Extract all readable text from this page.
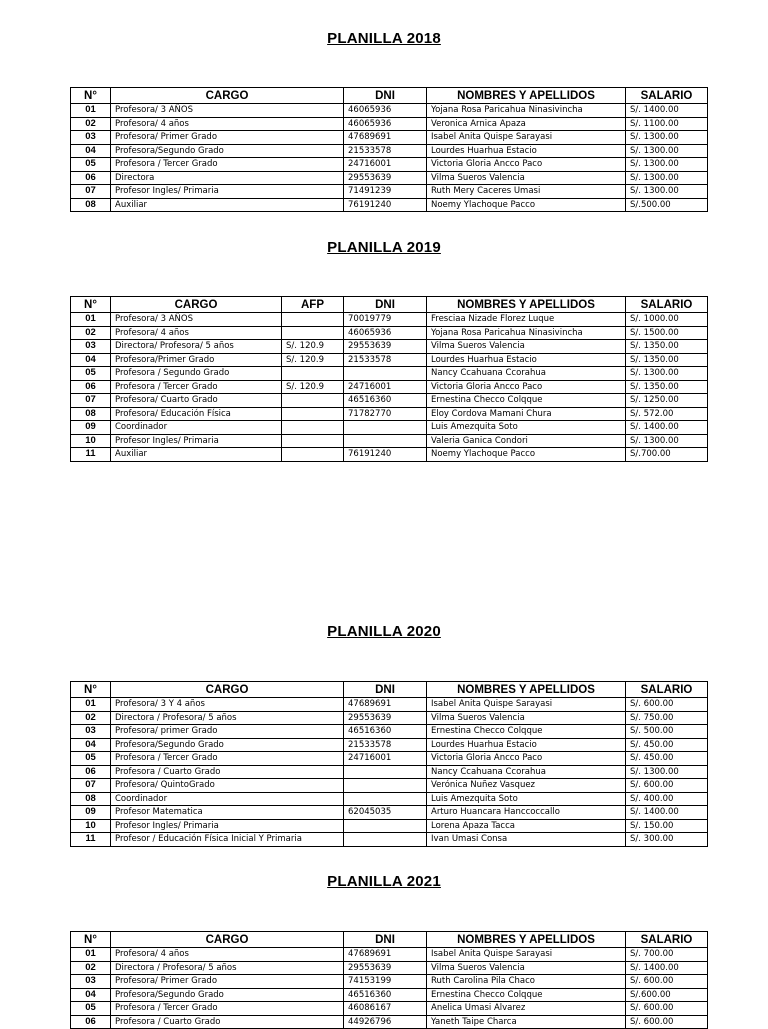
PLANILLA 2018
N°	CARGO	DNI	NOMBRES Y APELLIDOS	SALARIO
01	Profesora/ 3 AÑOS	46065936	Yojana Rosa Paricahua Ninasivincha	S/. 1400.00
02	Profesora/ 4 años	46065936	Veronica Arnica Apaza	S/. 1100.00
03	Profesora/ Primer Grado	47689691	Isabel Anita Quispe Sarayasi	S/. 1300.00
04	Profesora/Segundo Grado	21533578	Lourdes Huarhua Estacio	S/. 1300.00
05	Profesora / Tercer Grado	24716001	Victoria Gloria Ancco Paco	S/. 1300.00
06	Directora	29553639	Vilma Sueros Valencia	S/. 1300.00
07	Profesor Ingles/ Primaria	71491239	Ruth Mery Caceres Umasi	S/. 1300.00
08	Auxiliar	76191240	Noemy Ylachoque Pacco	S/.500.00
PLANILLA 2019
N°	CARGO	AFP	DNI	NOMBRES Y APELLIDOS	SALARIO
01	Profesora/ 3 AÑOS		70019779	Fresciaa Nizade Florez Luque	S/. 1000.00
02	Profesora/ 4 años		46065936	Yojana Rosa Paricahua Ninasivincha	S/. 1500.00
03	Directora/ Profesora/ 5 años	S/. 120.9	29553639	Vilma Sueros Valencia	S/. 1350.00
04	Profesora/Primer Grado	S/. 120.9	21533578	Lourdes Huarhua Estacio	S/. 1350.00
05	Profesora / Segundo Grado			Nancy Ccahuana Ccorahua	S/. 1300.00
06	Profesora / Tercer Grado	S/. 120.9	24716001	Victoria Gloria Ancco Paco	S/. 1350.00
07	Profesora/ Cuarto Grado		46516360	Ernestina Checco Colqque	S/. 1250.00
08	Profesora/ Educación Física		71782770	Eloy Cordova Mamani Chura	S/. 572.00
09	Coordinador			Luis Amezquita Soto	S/. 1400.00
10	Profesor Ingles/ Primaria			Valeria Ganica Condori	S/. 1300.00
11	Auxiliar		76191240	Noemy Ylachoque Pacco	S/.700.00
PLANILLA 2020
N°	CARGO	DNI	NOMBRES Y APELLIDOS	SALARIO
01	Profesora/ 3 Y 4 años	47689691	Isabel Anita Quispe Sarayasi	S/. 600.00
02	Directora / Profesora/ 5 años	29553639	Vilma Sueros Valencia	S/. 750.00
03	Profesora/ primer Grado	46516360	Ernestina Checco Colqque	S/. 500.00
04	Profesora/Segundo Grado	21533578	Lourdes Huarhua Estacio	S/. 450.00
05	Profesora / Tercer Grado	24716001	Victoria Gloria Ancco Paco	S/. 450.00
06	Profesora / Cuarto Grado		Nancy Ccahuana Ccorahua	S/. 1300.00
07	Profesora/ QuintoGrado		Verónica Nuñez Vasquez	S/. 600.00
08	Coordinador		Luis Amezquita Soto	S/. 400.00
09	Profesor Matematica	62045035	Arturo Huancara Hanccoccallo	S/. 1400.00
10	Profesor Ingles/ Primaria		Lorena Apaza Tacca	S/. 150.00
11	Profesor / Educación Física Inicial Y Primaria		Ivan Umasi Consa	S/. 300.00
PLANILLA 2021
N°	CARGO	DNI	NOMBRES Y APELLIDOS	SALARIO
01	Profesora/ 4 años	47689691	Isabel Anita Quispe Sarayasi	S/. 700.00
02	Directora / Profesora/ 5 años	29553639	Vilma Sueros Valencia	S/. 1400.00
03	Profesora/ Primer Grado	74153199	Ruth Carolina Pila Chaco	S/. 600.00
04	Profesora/Segundo Grado	46516360	Ernestina Checco Colqque	S/.600.00
05	Profesora / Tercer Grado	46086167	Anelica Umasi Alvarez	S/. 600.00
06	Profesora / Cuarto Grado	44926796	Yaneth Taipe Charca	S/. 600.00
